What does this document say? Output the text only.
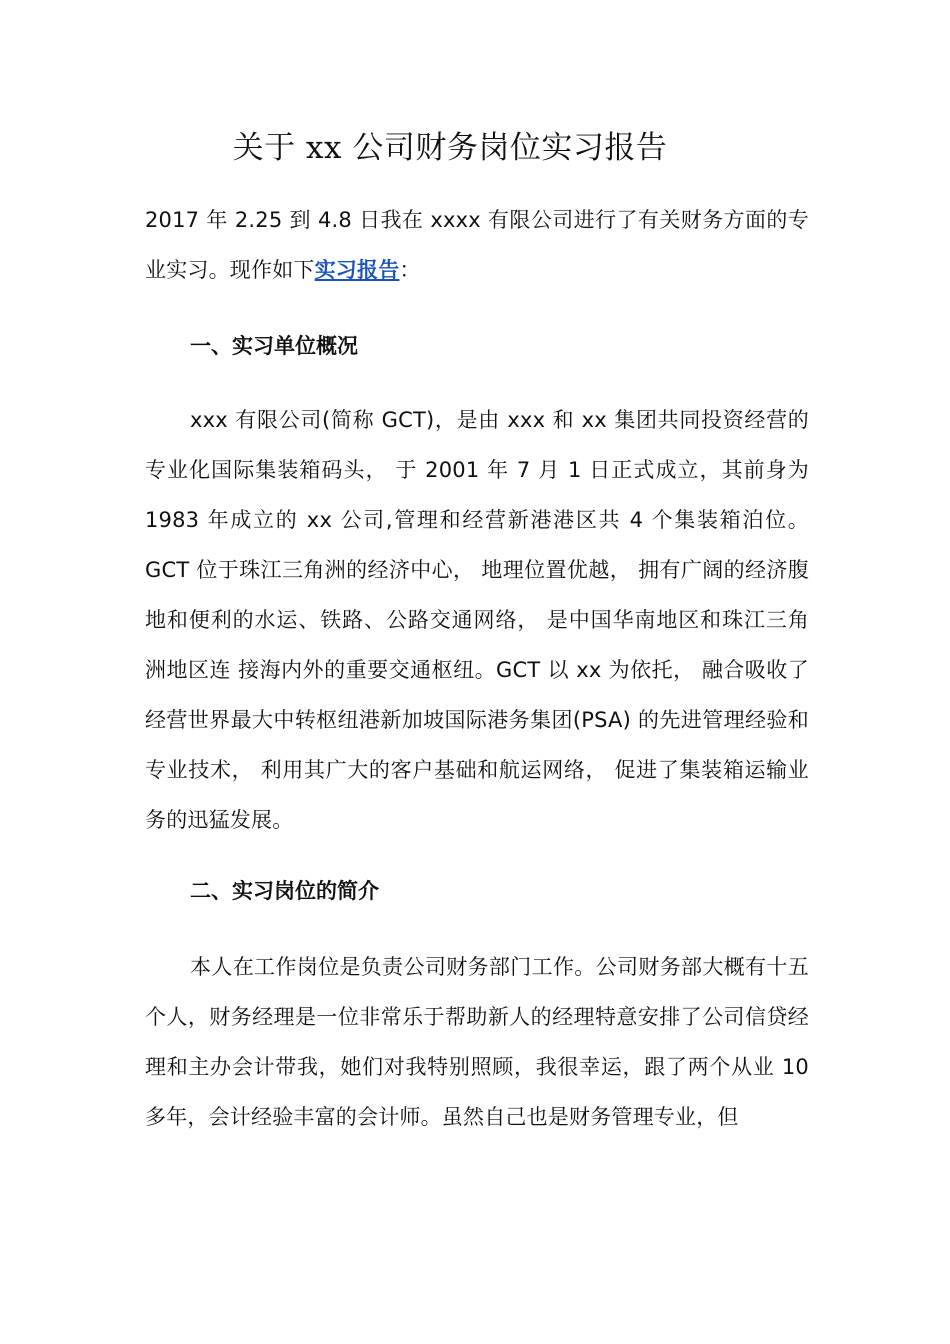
关于 xx 公司财务岗位实习报告

2017 年 2.25 到 4.8 日我在 xxxx 有限公司进行了有关财务方面的专业实习。现作如下实习报告：

一、实习单位概况

xxx 有限公司(简称 GCT)，是由 xxx 和 xx 集团共同投资经营的专业化国际集装箱码头， 于 2001 年 7 月 1 日正式成立，其前身为 1983 年成立的 xx 公司,管理和经营新港港区共 4 个集装箱泊位。GCT 位于珠江三角洲的经济中心， 地理位置优越， 拥有广阔的经济腹地和便利的水运、铁路、公路交通网络， 是中国华南地区和珠江三角洲地区连 接海内外的重要交通枢纽。GCT 以 xx 为依托， 融合吸收了经营世界最大中转枢纽港新加坡国际港务集团(PSA) 的先进管理经验和专业技术， 利用其广大的客户基础和航运网络， 促进了集装箱运输业务的迅猛发展。

二、实习岗位的简介

本人在工作岗位是负责公司财务部门工作。公司财务部大概有十五个人，财务经理是一位非常乐于帮助新人的经理特意安排了公司信贷经理和主办会计带我，她们对我特别照顾，我很幸运，跟了两个从业 10 多年，会计经验丰富的会计师。虽然自己也是财务管理专业，但
